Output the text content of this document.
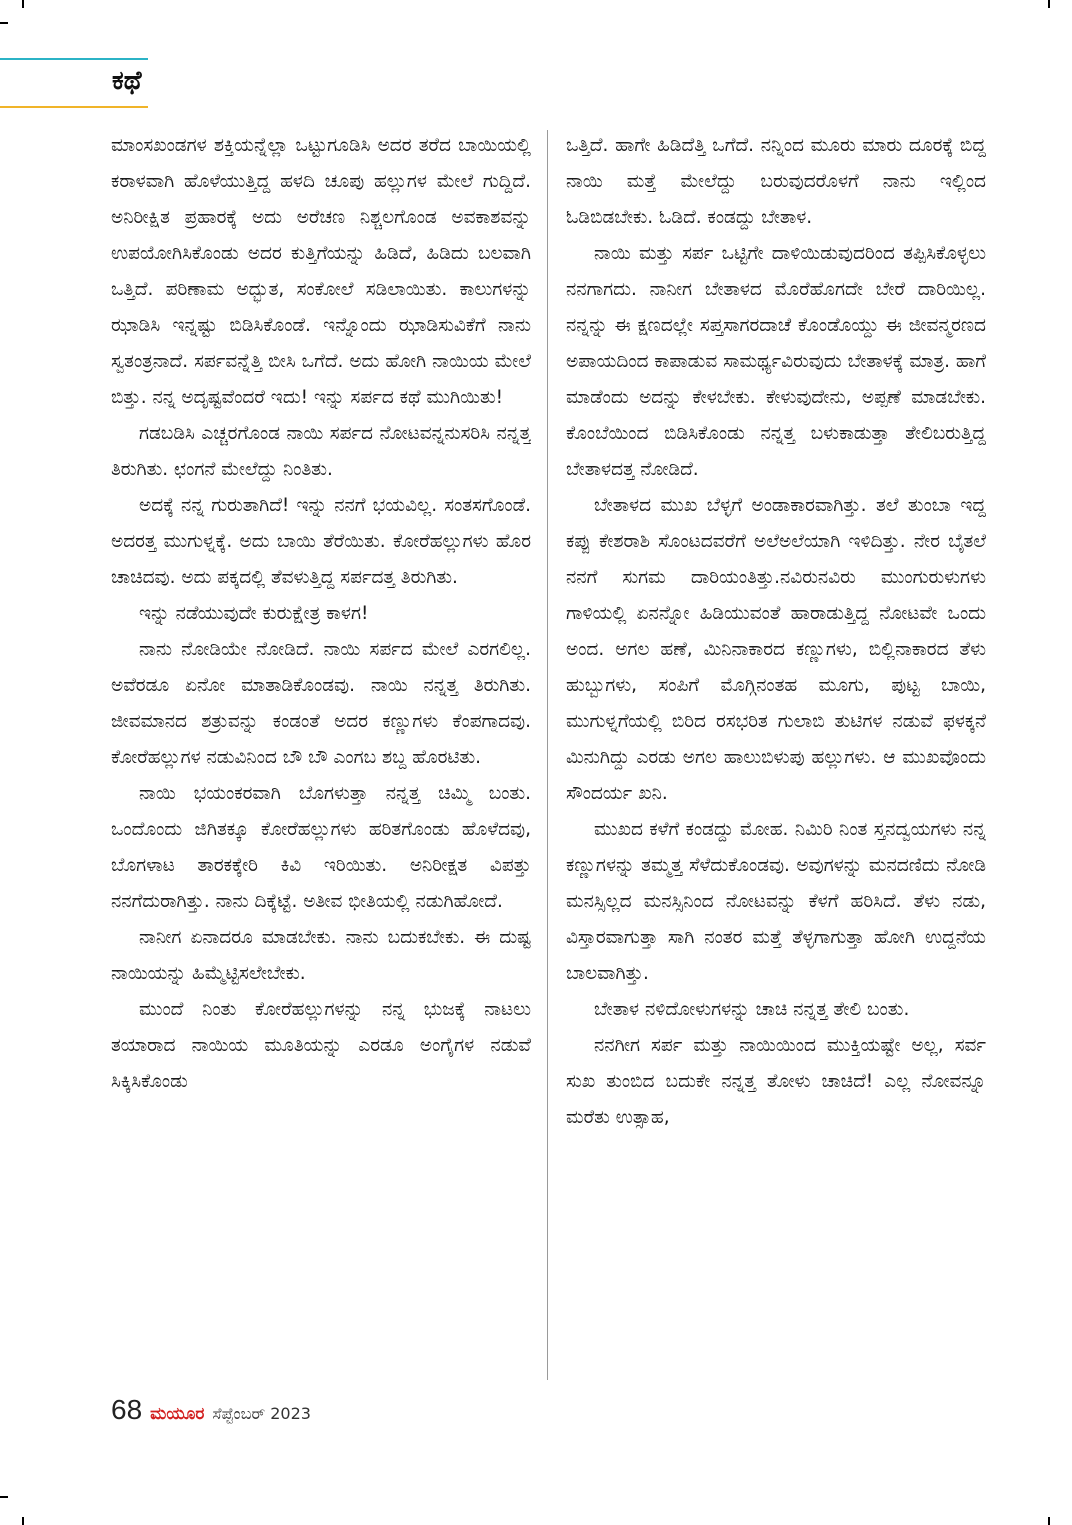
ಕಥೆ

ಮಾಂಸಖಂಡಗಳ ಶಕ್ತಿಯನ್ನೆಲ್ಲಾ ಒಟ್ಟುಗೂಡಿಸಿ ಅದರ ತರೆದ ಬಾಯಿಯಲ್ಲಿ ಕರಾಳವಾಗಿ ಹೊಳೆಯುತ್ತಿದ್ದ ಹಳದಿ ಚೂಪು ಹಲ್ಲುಗಳ ಮೇಲೆ ಗುದ್ದಿದೆ. ಅನಿರೀಕ್ಷಿತ ಪ್ರಹಾರಕ್ಕೆ ಅದು ಅರೆಚಣ ನಿಶ್ಚಲಗೊಂಡ ಅವಕಾಶವನ್ನು ಉಪಯೋಗಿಸಿಕೊಂಡು ಅದರ ಕುತ್ತಿಗೆಯನ್ನು ಹಿಡಿದೆ, ಹಿಡಿದು ಬಲವಾಗಿ ಒತ್ತಿದೆ. ಪರಿಣಾಮ ಅದ್ಭುತ, ಸಂಕೋಲೆ ಸಡಿಲಾಯಿತು. ಕಾಲುಗಳನ್ನು ಝಾಡಿಸಿ ಇನ್ನಷ್ಟು ಬಿಡಿಸಿಕೊಂಡೆ. ಇನ್ನೊಂದು ಝಾಡಿಸುವಿಕೆಗೆ ನಾನು ಸ್ವತಂತ್ರನಾದೆ. ಸರ್ಪವನ್ನೆತ್ತಿ ಬೀಸಿ ಒಗೆದೆ. ಅದು ಹೋಗಿ ನಾಯಿಯ ಮೇಲೆ ಬಿತ್ತು. ನನ್ನ ಅದೃಷ್ಟವೆಂದರೆ ಇದು! ಇನ್ನು ಸರ್ಪದ ಕಥೆ ಮುಗಿಯಿತು!

ಗಡಬಡಿಸಿ ಎಚ್ಚರಗೊಂಡ ನಾಯಿ ಸರ್ಪದ ನೋಟವನ್ನನುಸರಿಸಿ ನನ್ನತ್ತ ತಿರುಗಿತು. ಛಂಗನೆ ಮೇಲೆದ್ದು ನಿಂತಿತು.

ಅದಕ್ಕೆ ನನ್ನ ಗುರುತಾಗಿದೆ! ಇನ್ನು ನನಗೆ ಭಯವಿಲ್ಲ. ಸಂತಸಗೊಂಡೆ. ಅದರತ್ತ ಮುಗುಳ್ನಕ್ಕೆ. ಅದು ಬಾಯಿ ತೆರೆಯಿತು. ಕೋರೆಹಲ್ಲುಗಳು ಹೊರ ಚಾಚಿದವು. ಅದು ಪಕ್ಕದಲ್ಲಿ ತೆವಳುತ್ತಿದ್ದ ಸರ್ಪದತ್ತ ತಿರುಗಿತು.

ಇನ್ನು ನಡೆಯುವುದೇ ಕುರುಕ್ಷೇತ್ರ ಕಾಳಗ!

ನಾನು ನೋಡಿಯೇ ನೋಡಿದೆ. ನಾಯಿ ಸರ್ಪದ ಮೇಲೆ ಎರಗಲಿಲ್ಲ. ಅವೆರಡೂ ಏನೋ ಮಾತಾಡಿಕೊಂಡವು. ನಾಯಿ ನನ್ನತ್ತ ತಿರುಗಿತು. ಜೀವಮಾನದ ಶತ್ರುವನ್ನು ಕಂಡಂತೆ ಅದರ ಕಣ್ಣುಗಳು ಕೆಂಪಗಾದವು. ಕೋರೆಹಲ್ಲುಗಳ ನಡುವಿನಿಂದ ಬೌ ಬೌ ಎಂಗಬ ಶಬ್ದ ಹೊರಟಿತು.

ನಾಯಿ ಭಯಂಕರವಾಗಿ ಬೊಗಳುತ್ತಾ ನನ್ನತ್ತ ಚಿಮ್ಮಿ ಬಂತು. ಒಂದೊಂದು ಜಿಗಿತಕ್ಕೂ ಕೋರೆಹಲ್ಲುಗಳು ಹರಿತಗೊಂಡು ಹೊಳೆದವು, ಬೊಗಳಾಟ ತಾರಕಕ್ಕೇರಿ ಕಿವಿ ಇರಿಯಿತು. ಅನಿರೀಕ್ಷತ ವಿಪತ್ತು ನನಗೆದುರಾಗಿತ್ತು. ನಾನು ದಿಕ್ಕೆಟ್ಟೆ. ಅತೀವ ಭೀತಿಯಲ್ಲಿ ನಡುಗಿಹೋದೆ.

ನಾನೀಗ ಏನಾದರೂ ಮಾಡಬೇಕು. ನಾನು ಬದುಕಬೇಕು. ಈ ದುಷ್ಟ ನಾಯಿಯನ್ನು ಹಿಮ್ಮೆಟ್ಟಿಸಲೇಬೇಕು.

ಮುಂದೆ ನಿಂತು ಕೋರೆಹಲ್ಲುಗಳನ್ನು ನನ್ನ ಭುಜಕ್ಕೆ ನಾಟಲು ತಯಾರಾದ ನಾಯಿಯ ಮೂತಿಯನ್ನು ಎರಡೂ ಅಂಗೈಗಳ ನಡುವೆ ಸಿಕ್ಕಿಸಿಕೊಂಡು

ಒತ್ತಿದೆ. ಹಾಗೇ ಹಿಡಿದೆತ್ತಿ ಒಗೆದೆ. ನನ್ನಿಂದ ಮೂರು ಮಾರು ದೂರಕ್ಕೆ ಬಿದ್ದ ನಾಯಿ ಮತ್ತೆ ಮೇಲೆದ್ದು ಬರುವುದರೊಳಗೆ ನಾನು ಇಲ್ಲಿಂದ ಓಡಿಬಿಡಬೇಕು. ಓಡಿದೆ. ಕಂಡದ್ದು ಬೇತಾಳ.

ನಾಯಿ ಮತ್ತು ಸರ್ಪ ಒಟ್ಟಿಗೇ ದಾಳಿಯಿಡುವುದರಿಂದ ತಪ್ಪಿಸಿಕೊಳ್ಳಲು ನನಗಾಗದು. ನಾನೀಗ ಬೇತಾಳದ ಮೊರೆಹೊಗದೇ ಬೇರೆ ದಾರಿಯಿಲ್ಲ. ನನ್ನನ್ನು ಈ ಕ್ಷಣದಲ್ಲೇ ಸಪ್ತಸಾಗರದಾಚೆ ಕೊಂಡೊಯ್ದು ಈ ಜೀವನ್ಮರಣದ ಅಪಾಯದಿಂದ ಕಾಪಾಡುವ ಸಾಮರ್ಥ್ಯವಿರುವುದು ಬೇತಾಳಕ್ಕೆ ಮಾತ್ರ. ಹಾಗೆ ಮಾಡೆಂದು ಅದನ್ನು ಕೇಳಬೇಕು. ಕೇಳುವುದೇನು, ಅಪ್ಪಣೆ ಮಾಡಬೇಕು. ಕೊಂಬೆಯಿಂದ ಬಿಡಿಸಿಕೊಂಡು ನನ್ನತ್ತ ಬಳುಕಾಡುತ್ತಾ ತೇಲಿಬರುತ್ತಿದ್ದ ಬೇತಾಳದತ್ತ ನೋಡಿದೆ.

ಬೇತಾಳದ ಮುಖ ಬೆಳ್ಳಗೆ ಅಂಡಾಕಾರವಾಗಿತ್ತು. ತಲೆ ತುಂಬಾ ಇದ್ದ ಕಪ್ಪು ಕೇಶರಾಶಿ ಸೊಂಟದವರೆಗೆ ಅಲೆಅಲೆಯಾಗಿ ಇಳಿದಿತ್ತು. ನೇರ ಬೈತಲೆ ನನಗೆ ಸುಗಮ ದಾರಿಯಂತಿತ್ತು.ನವಿರುನವಿರು ಮುಂಗುರುಳುಗಳು ಗಾಳಿಯಲ್ಲಿ ಏನನ್ನೋ ಹಿಡಿಯುವಂತೆ ಹಾರಾಡುತ್ತಿದ್ದ ನೋಟವೇ ಒಂದು ಅಂದ. ಅಗಲ ಹಣೆ, ಮಿನಿನಾಕಾರದ ಕಣ್ಣುಗಳು, ಬಿಲ್ಲಿನಾಕಾರದ ತೆಳು ಹುಬ್ಬುಗಳು, ಸಂಪಿಗೆ ಮೊಗ್ಗಿನಂತಹ ಮೂಗು, ಪುಟ್ಟ ಬಾಯಿ, ಮುಗುಳ್ನಗೆಯಲ್ಲಿ ಬಿರಿದ ರಸಭರಿತ ಗುಲಾಬಿ ತುಟಿಗಳ ನಡುವೆ ಫಳಕ್ಕನೆ ಮಿನುಗಿದ್ದು ಎರಡು ಅಗಲ ಹಾಲುಬಿಳುಪು ಹಲ್ಲುಗಳು. ಆ ಮುಖವೊಂದು ಸೌಂದರ್ಯ ಖನಿ.

ಮುಖದ ಕಳೆಗೆ ಕಂಡದ್ದು ಮೋಹ. ನಿಮಿರಿ ನಿಂತ ಸ್ತನದ್ವಯಗಳು ನನ್ನ ಕಣ್ಣುಗಳನ್ನು ತಮ್ಮತ್ತ ಸೆಳೆದುಕೊಂಡವು. ಅವುಗಳನ್ನು ಮನದಣಿದು ನೋಡಿ ಮನಸ್ಸಿಲ್ಲದ ಮನಸ್ಸಿನಿಂದ ನೋಟವನ್ನು ಕೆಳಗೆ ಹರಿಸಿದೆ. ತೆಳು ನಡು, ವಿಸ್ತಾರವಾಗುತ್ತಾ ಸಾಗಿ ನಂತರ ಮತ್ತೆ ತೆಳ್ಳಗಾಗುತ್ತಾ ಹೋಗಿ ಉದ್ದನೆಯ ಬಾಲವಾಗಿತ್ತು.

ಬೇತಾಳ ನಳಿದೋಳುಗಳನ್ನು ಚಾಚಿ ನನ್ನತ್ತ ತೇಲಿ ಬಂತು.

ನನಗೀಗ ಸರ್ಪ ಮತ್ತು ನಾಯಿಯಿಂದ ಮುಕ್ತಿಯಷ್ಟೇ ಅಲ್ಲ, ಸರ್ವ ಸುಖ ತುಂಬಿದ ಬದುಕೇ ನನ್ನತ್ತ ತೋಳು ಚಾಚಿದೆ! ಎಲ್ಲ ನೋವನ್ನೂ ಮರೆತು ಉತ್ಸಾಹ,

68 ಮಯೂರ ಸೆಪ್ಟೆಂಬರ್ 2023
